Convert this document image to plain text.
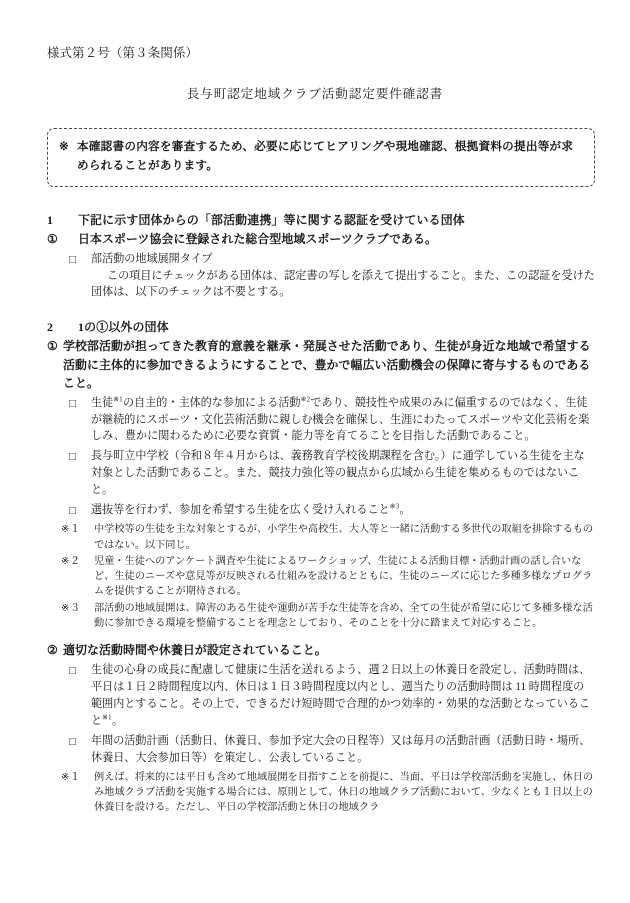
様式第２号（第３条関係）
長与町認定地域クラブ活動認定要件確認書
※ 本確認書の内容を審査するため、必要に応じてヒアリングや現地確認、根拠資料の提出等が求められることがあります。
1	下記に示す団体からの「部活動連携」等に関する認証を受けている団体
①	日本スポーツ協会に登録された総合型地域スポーツクラブである。
□	部活動の地域展開タイプ
この項目にチェックがある団体は、認定書の写しを添えて提出すること。また、この認証を受けた団体は、以下のチェックは不要とする。
2	1の①以外の団体
① 学校部活動が担ってきた教育的意義を継承・発展させた活動であり、生徒が身近な地域で希望する活動に主体的に参加できるようにすることで、豊かで幅広い活動機会の保障に寄与するものであること。
□	生徒$^{※1}$の自主的・主体的な参加による活動$^{※2}$であり、競技性や成果のみに偏重するのではなく、生徒が継続的にスポーツ・文化芸術活動に親しむ機会を確保し、生涯にわたってスポーツや文化芸術を楽しみ、豊かに関わるために必要な資質・能力等を育てることを目指した活動であること。
□	長与町立中学校（令和８年４月からは、義務教育学校後期課程を含む。）に通学している生徒を主な対象とした活動であること。また、競技力強化等の観点から広域から生徒を集めるものではないこと。
□	選抜等を行わず、参加を希望する生徒を広く受け入れること$^{※3}$。
※１	中学校等の生徒を主な対象とするが、小学生や高校生、大人等と一緒に活動する多世代の取組を排除するものではない。以下同じ。
※２	児童・生徒へのアンケート調査や生徒によるワークショップ、生徒による活動目標・活動計画の話し合いなど、生徒のニーズや意見等が反映される仕組みを設けるとともに、生徒のニーズに応じた多種多様なプログラムを提供することが期待される。
※３	部活動の地域展開は、障害のある生徒や運動が苦手な生徒等を含め、全ての生徒が希望に応じて多種多様な活動に参加できる環境を整備することを理念としており、そのことを十分に踏まえて対応すること。
② 適切な活動時間や休養日が設定されていること。
□	生徒の心身の成長に配慮して健康に生活を送れるよう、週２日以上の休養日を設定し、活動時間は、平日は１日２時間程度以内、休日は１日３時間程度以内とし、週当たりの活動時間は 11 時間程度の範囲内とすること。その上で、できるだけ短時間で合理的かつ効率的・効果的な活動となっていること$^{※1}$。
□	年間の活動計画（活動日、休養日、参加予定大会の日程等）又は毎月の活動計画（活動日時・場所、休養日、大会参加日等）を策定し、公表していること。
※１	例えば、将来的には平日も含めて地域展開を目指すことを前提に、当面、平日は学校部活動を実施し、休日のみ地域クラブ活動を実施する場合には、原則として、休日の地域クラブ活動において、少なくとも１日以上の休養日を設ける。ただし、平日の学校部活動と休日の地域クラ
